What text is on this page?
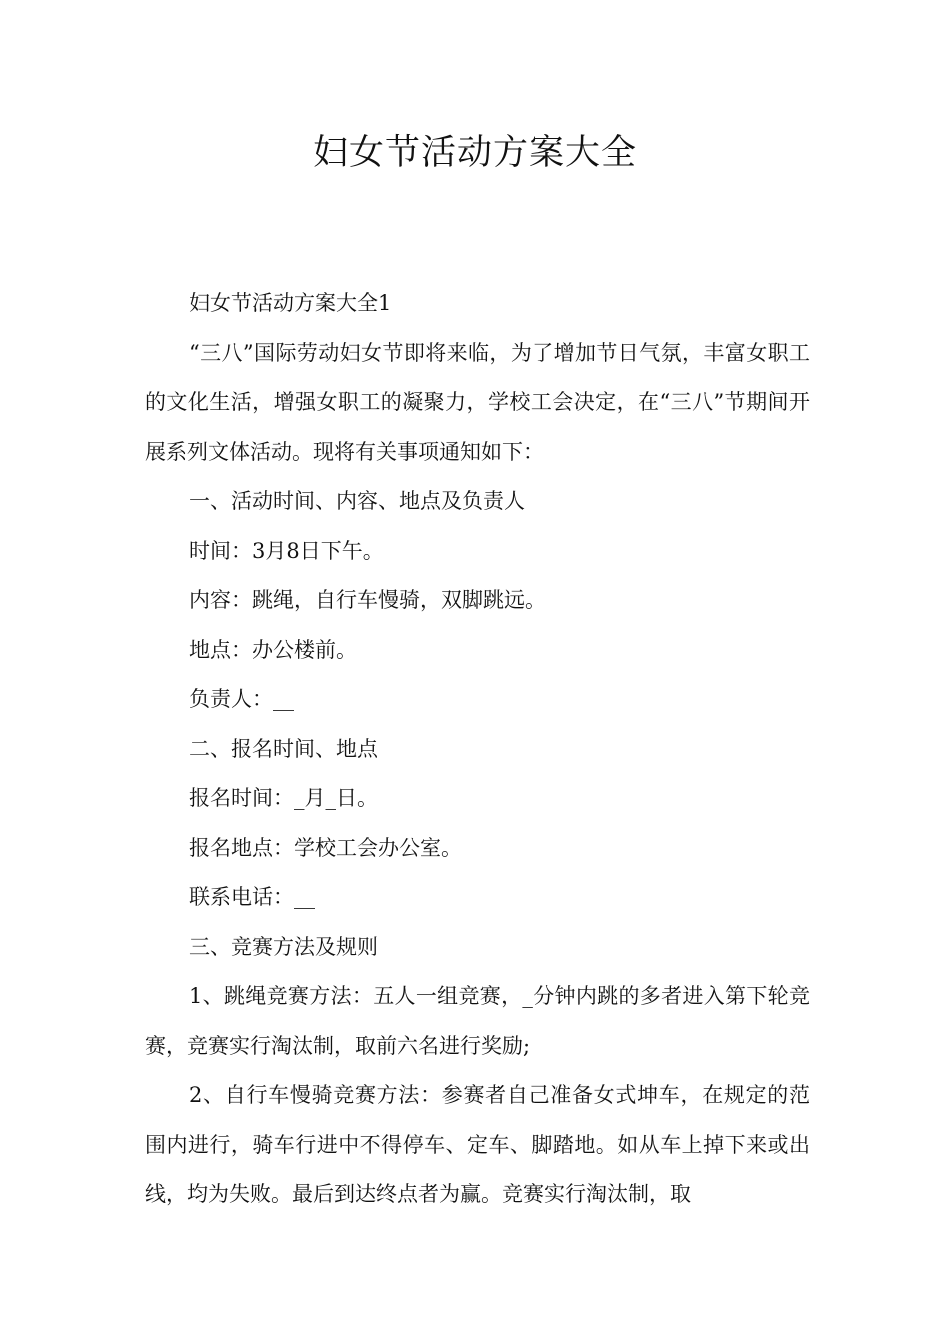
妇女节活动方案大全

妇女节活动方案大全1

“三八”国际劳动妇女节即将来临，为了增加节日气氛，丰富女职工的文化生活，增强女职工的凝聚力，学校工会决定，在“三八”节期间开展系列文体活动。现将有关事项通知如下：

一、活动时间、内容、地点及负责人

时间：3月8日下午。

内容：跳绳，自行车慢骑，双脚跳远。

地点：办公楼前。

负责人：__

二、报名时间、地点

报名时间：_月_日。

报名地点：学校工会办公室。

联系电话：__

三、竞赛方法及规则

1、跳绳竞赛方法：五人一组竞赛，_分钟内跳的多者进入第下轮竞赛，竞赛实行淘汰制，取前六名进行奖励;

2、自行车慢骑竞赛方法：参赛者自己准备女式坤车，在规定的范围内进行，骑车行进中不得停车、定车、脚踏地。如从车上掉下来或出线，均为失败。最后到达终点者为赢。竞赛实行淘汰制，取
